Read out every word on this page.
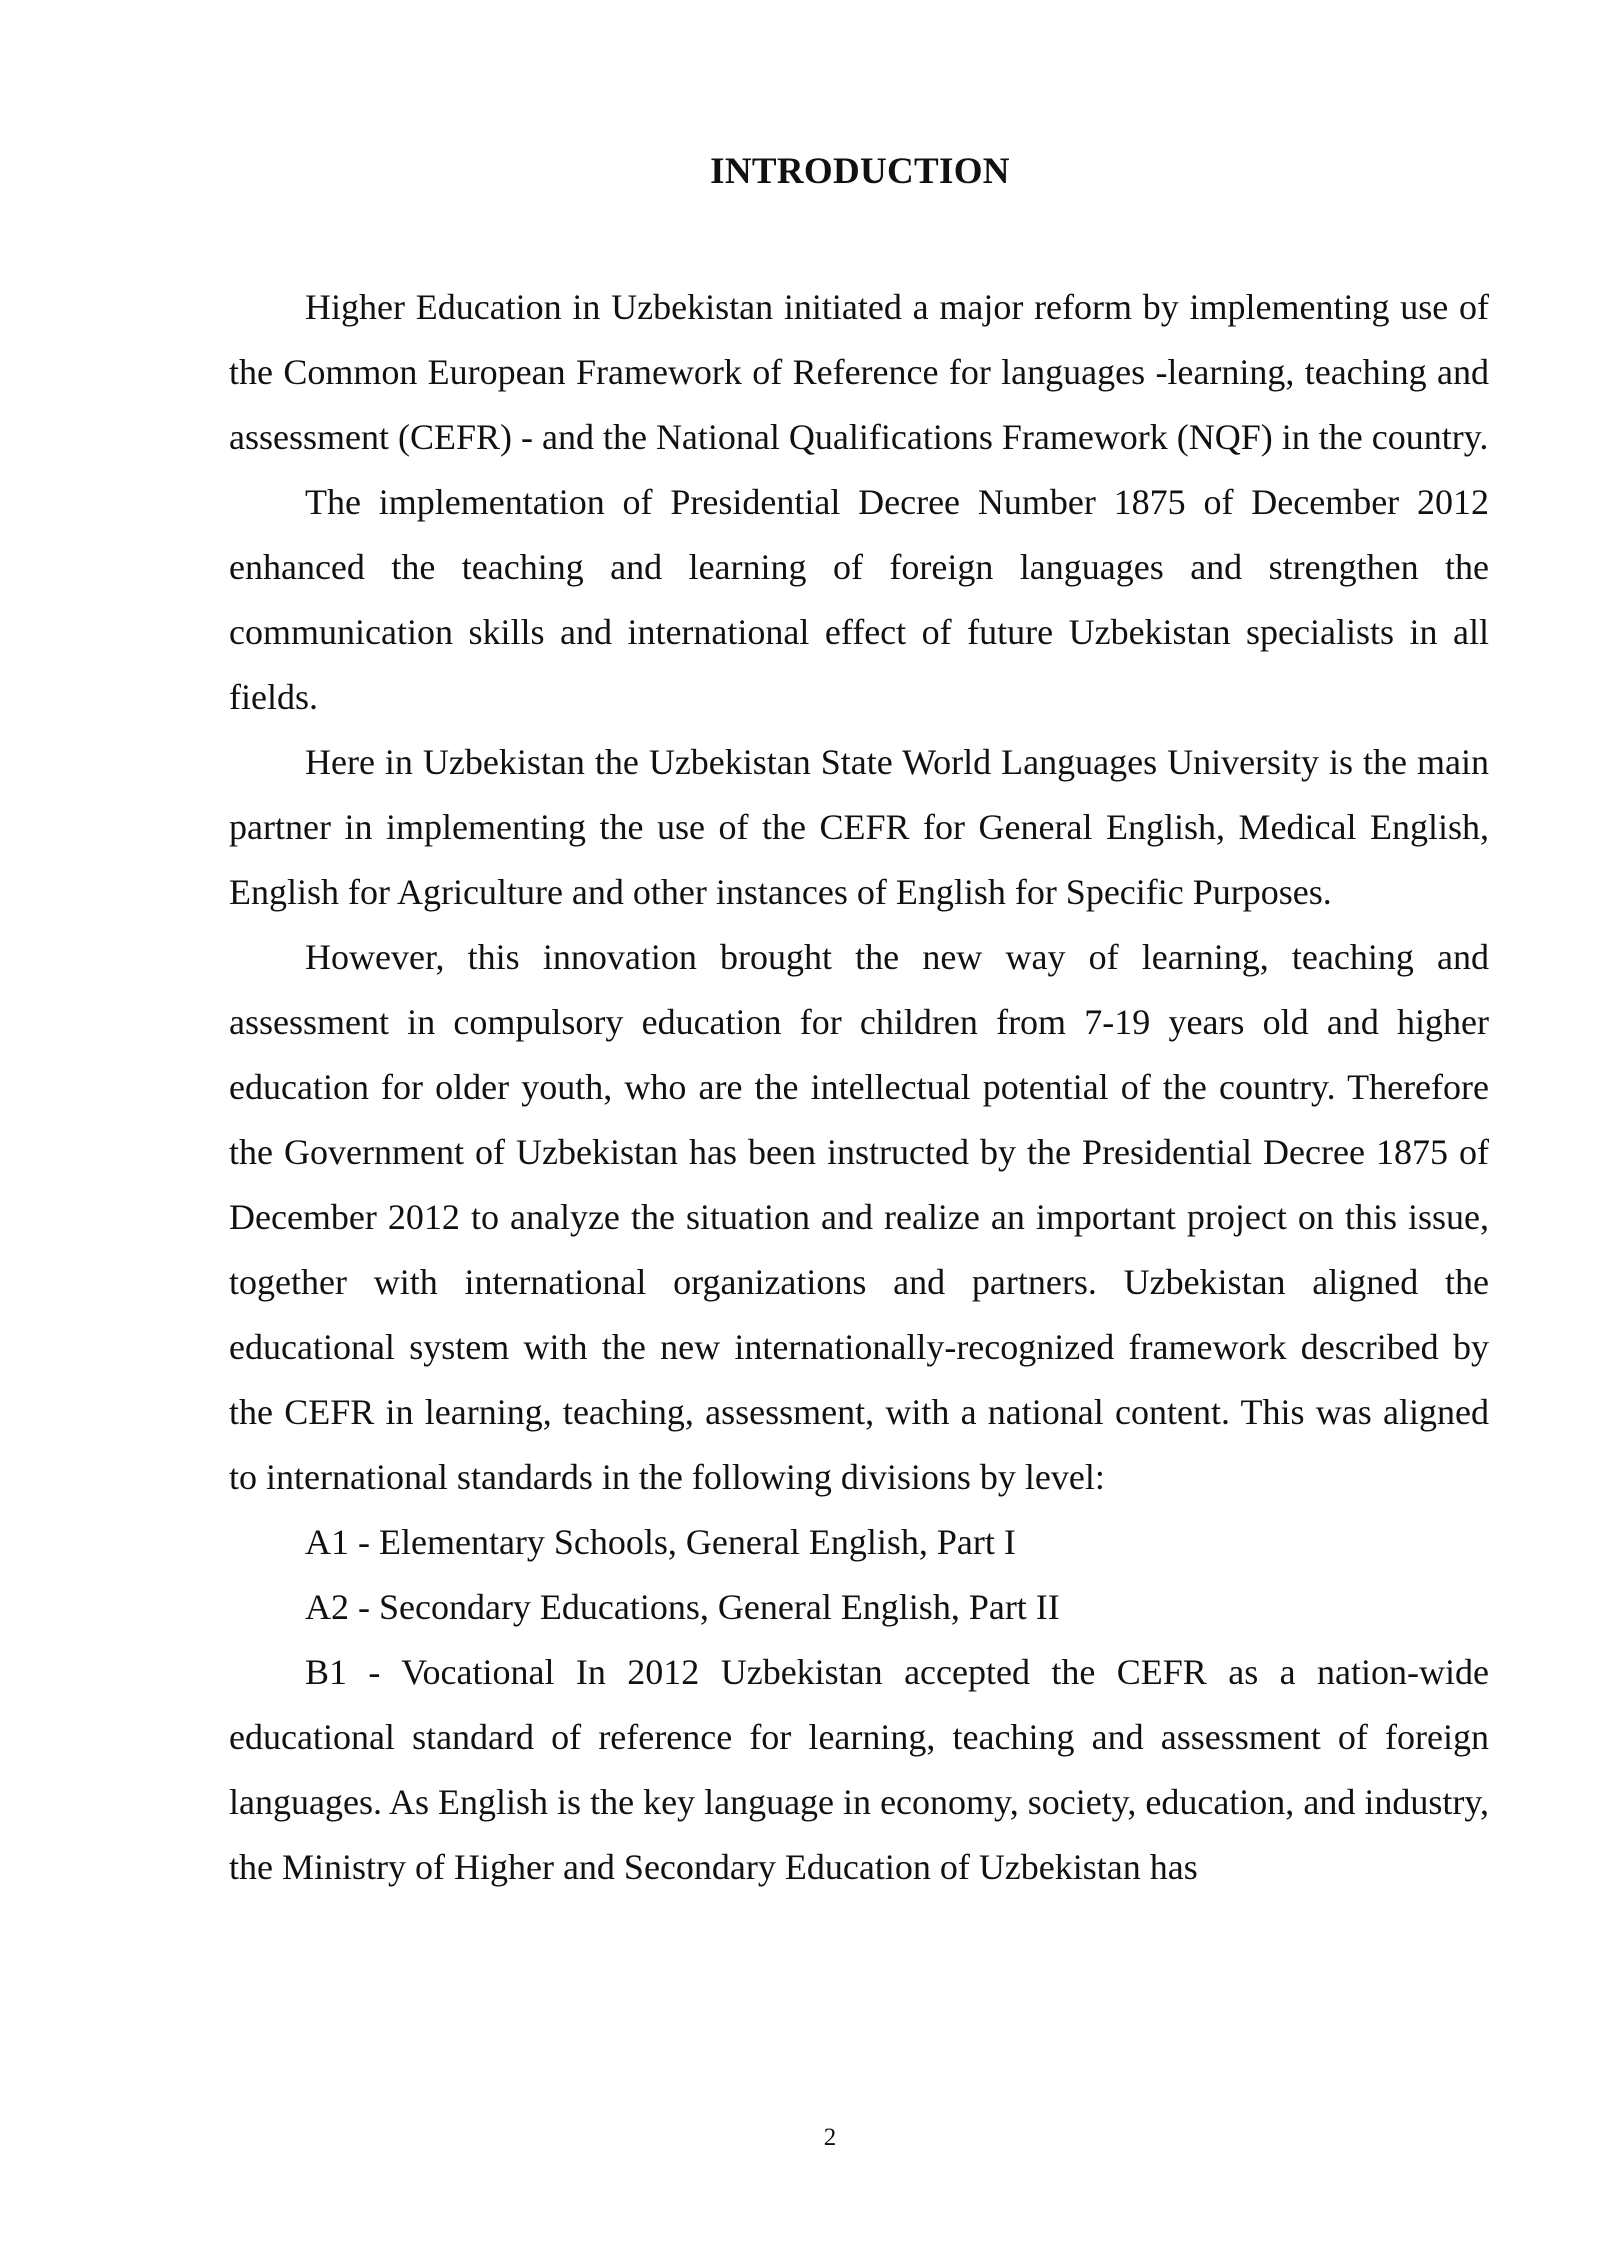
INTRODUCTION

Higher Education in Uzbekistan initiated a major reform by implementing use of the Common European Framework of Reference for languages -learning, teaching and assessment (CEFR) - and the National Qualifications Framework (NQF) in the country.

The implementation of Presidential Decree Number 1875 of December 2012 enhanced the teaching and learning of foreign languages and strengthen the communication skills and international effect of future Uzbekistan specialists in all fields.

Here in Uzbekistan the Uzbekistan State World Languages University is the main partner in implementing the use of the CEFR for General English, Medical English, English for Agriculture and other instances of English for Specific Purposes.

However, this innovation brought the new way of learning, teaching and assessment in compulsory education for children from 7-19 years old and higher education for older youth, who are the intellectual potential of the country. Therefore the Government of Uzbekistan has been instructed by the Presidential Decree 1875 of December 2012 to analyze the situation and realize an important project on this issue, together with international organizations and partners. Uzbekistan aligned the educational system with the new internationally-recognized framework described by the CEFR in learning, teaching, assessment, with a national content. This was aligned to international standards in the following divisions by level:

A1 - Elementary Schools, General English, Part I

A2 - Secondary Educations, General English, Part II

B1 - Vocational In 2012 Uzbekistan accepted the CEFR as a nation-wide educational standard of reference for learning, teaching and assessment of foreign languages. As English is the key language in economy, society, education, and industry, the Ministry of Higher and Secondary Education of Uzbekistan has

2
